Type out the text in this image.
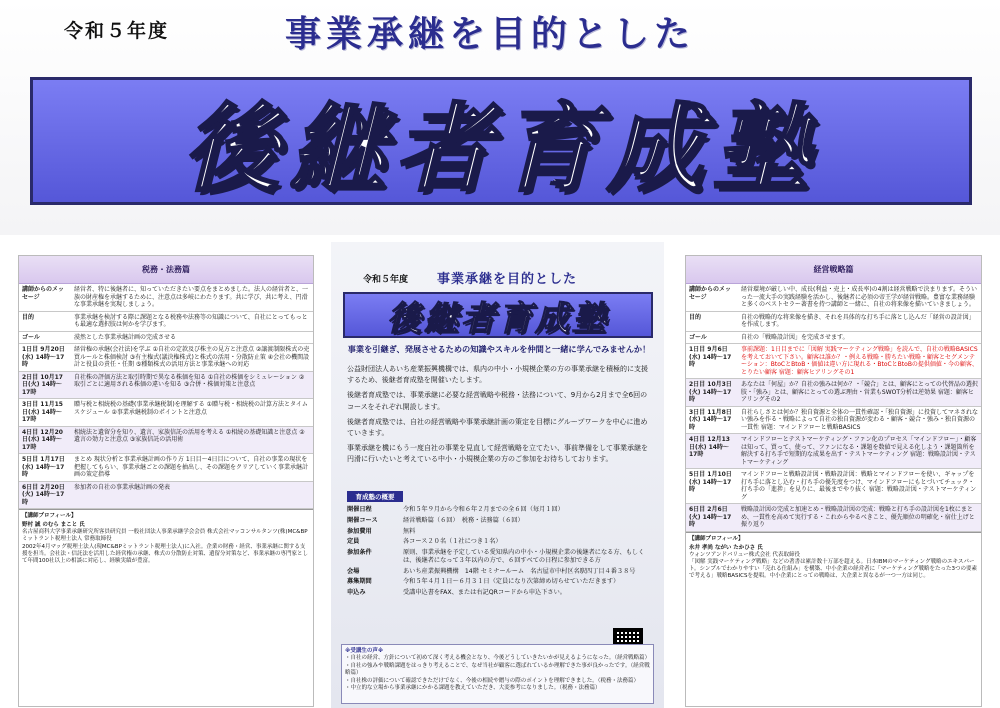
令和５年度	事業承継を目的とした
後継者育成塾
税務・法務篇
講師からのメッセージ	経営者、特に後継者に、知っていただきたい要点をまとめました。法人の経営者と、一族の財産権を承継するために、注意点は多岐にわたります。共に学び、共に考え、円滑な事業承継を実現しましょう。
目的	事業承継を検討する際に課題となる税務や法務等の知識について、自社にとってもっとも最適な選択肢は何かを学びます。
ゴール	漠然とした事業承継計画の完成させる
1日目 9月20日(水) 14時〜17時	経営権の承継(会社法)を学ぶ ①自社の定款及び株主の見方と注意点 ②譲渡制限株式の売買ルールと株価検討 ③有主権式(議決権株式)と株式の活用・分散防止策 ④会社の機関設計と役員の責任・任期 ⑤種類株式の活用方法と事業承継への対応
2日目 10月17日(火) 14時〜17時	自社株の評価方法と取引時期で異なる株価を知る ①自社の株価をシミュレーション ②取引ごとに適用される株価の違いを知る ③合併・株価対策と注意点
3日目 11月15日(水) 14時〜17時	贈与税と相続税の基礎(事業承継税制)を理解する ①贈与税・相続税の計算方法とタイムスケジュール ②事業承継税制のポイントと注意点
4日目 12月20日(水) 14時〜17時	相続法と遺留分を知り、遺言、家族信託の活用を考える ①相続の基礎知識と注意点 ②遺言の効力と注意点 ③家族信託の活用術
5日目 1月17日(水) 14時〜17時	まとめ 現状分析と事業承継計画の作り方 1日目〜4日目について、自社の事業の現状を把握してもらい、事業承継ごとの課題を抽出し、その課題をクリアしていく事業承継計画の策定指導
6日目 2月20日(火) 14時〜17時	参加者の自社の事業承継計画の発表
【講師プロフィール】
野村 誠 のむら まこと 氏
名古屋商科大学事業承継研究所客員研究員 一般社団法人事業承継学会会員 株式会社マッコンサルタンツ(株)MC&BPミットラント税理士法人 常務取締役
2002年4月マッグ税理士法人(現MC&BPミットラント税理士法人)に入社。企業の財務・経営、事業承継に関する支援を担当。会社法・信託法を活用した経営権の承継、株式の分散防止対策、遺留分対策など、事業承継の専門家として年間100社以上の相談に対応し、経験実績が豊富。
令和５年度 事業承継を目的とした
後継者育成塾
事業を引継ぎ、発展させるための知識やスキルを仲間と一緒に学んでみませんか！

公益財団法人あいち産業振興機構では、県内の中小・小規模企業の方の事業承継を積極的に支援するため、後継者育成塾を開催いたします。

後継者育成塾では、事業承継に必要な経営戦略や税務・法務について、9月から2月まで全6回のコースをそれぞれ開設します。

後継者育成塾では、自社の経営戦略や事業承継計画の策定を目標にグループワークを中心に進めていきます。

事業承継を機にもう一度自社の事業を見直して経営戦略を立てたい、事前準備をして事業承継を円滑に行いたいと考えている中小・小規模企業の方のご参加をお待ちしております。

育成塾の概要
開催日程	令和５年９月から令和６年２月までの全６回（毎月１回）
開催コース	経営戦略篇（６回）　税務・法務篇（６回）
参加費用	無料
定員	各コース２０名（１社につき１名）
参加条件	原則、事業承継を予定している愛知県内の中小・小規模企業の後継者になる方、もしくは、後継者になって３年以内の方で、６回すべての日程に参加できる方
会場	あいち産業振興機構　14階 セミナールーム　名古屋市中村区名駅四丁目４番３８号
募集期間	令和５年４月１日〜６月３１日（定員になり次第締め切らせていただきます）
申込み	受講申込書をFAX、または右記QRコードから申込下さい。
※受講生の声※
・自社の経営、方針について初めて深く考える機会となり、今後どうしていきたいかが見えるようになった。（経営戦略篇）
・自社の強みや戦略課題をはっきり考えることで、なぜ当社が顧客に選ばれているか理解できた事が良かったです。（経営戦略篇）
・自社株の評価について確認できただけでなく、今後の相続や贈与の際のポイントを理解できました。（税務・法務篇）
・中立的な立場から事業承継にかかる課題を教えていただき、大変参考になりました。（税務・法務篇）
経営戦略篇
講師からのメッセージ	経営環境が厳しい中、成長(利益・売上・成長率)の4割は経営戦略で決まります。そういった一流大手の実践経験を活かし、後継者に必須の帝王学が経営戦略。豊富な業務経験と多くのベストセラー著書を持つ講師と一緒に、自社の将来像を描いていきましょう。
目的	自社の戦略的な将来像を描き、それを具体的な打ち手に落とし込んだ「経営の設計図」を作成します。
ゴール	自社の「戦略設計図」を完成させます。
1日目 9月6日(水) 14時〜17時	事前課題：1日目までに「図解 実践マーケティング戦略」を読んで、自社の戦略BASICSを考えておいて下さい。顧客は誰か？・例える戦略・勝ちたい戦略・顧客とセグメンテーション：BtoCとBtoB・価値は違い方に現れる・BtoCとBtoBの提供価値・今の顧客、とりたい顧客 宿題：顧客ヒアリングその1
2日目 10月3日(火) 14時〜17時	あなたは「何屋」か？自社の強みは何か？・「競合」とは、顧客にとっての代替品の選択肢・「強み」とは、顧客にとっての選ぶ理由・営業もSWOT分析は逆効果 宿題：顧客ヒアリングその2
3日目 11月8日(水) 14時〜17時	自社らしさとは何か？独自資源と全体の一貫性確認・「独自資源」に投資してマネされない強みを作る・戦略によって自社の独自資源が変わる・顧客・競合・強み・独自資源の一貫性 宿題：マインドフローと戦略BASICS
4日目 12月13日(水) 14時〜17時	マインドフローとテストマーケティング・ファン化のプロセス「マインドフロー」・顧客は知って、買って、使って、ファンになる・課題を数値で見える化しよう・課題箇所を解決する打ち手で短期的な成果を出す・テストマーケティング 宿題：戦略設計図・テストマーケティング
5日目 1月10日(水) 14時〜17時	マインドフローと戦略設計図・戦略設計図：戦略とマインドフローを使い、ギャップを打ち手に落とし込む・打ち手の優先度をつけ、マインドフローにもとづいてチェック・打ち手の「進捗」を見りに、最後までやり抜く 宿題：戦略設計図・テストマーケティング
6日目 2月6日(火) 14時〜17時	戦略設計図の完成と加速とめ・戦略設計図の完成：戦略と打ち手の設計図を1枚にまとめ、一貫性を高めて実行する・これからやるべきこと、優先順位の明確化・宿仕上げと振り返り
【講師プロフィール】
永井 孝尚 ながい たかひさ 氏
ウォンツアンドバリュー株式会社 代表取締役
「図解 実践マーケティング戦略」などの著書は累計数十万部を超える。日本IBMのマーケティング戦略のエキスパート。シンプルでわかりやすい「売れる仕組み」を構築、中小企業の経営者に「マーケティング戦略をたった3つの要素で考える」戦略BASICSを提唱。中小企業にとっての戦略は、大企業と異なるが一つ一方は同じ。
